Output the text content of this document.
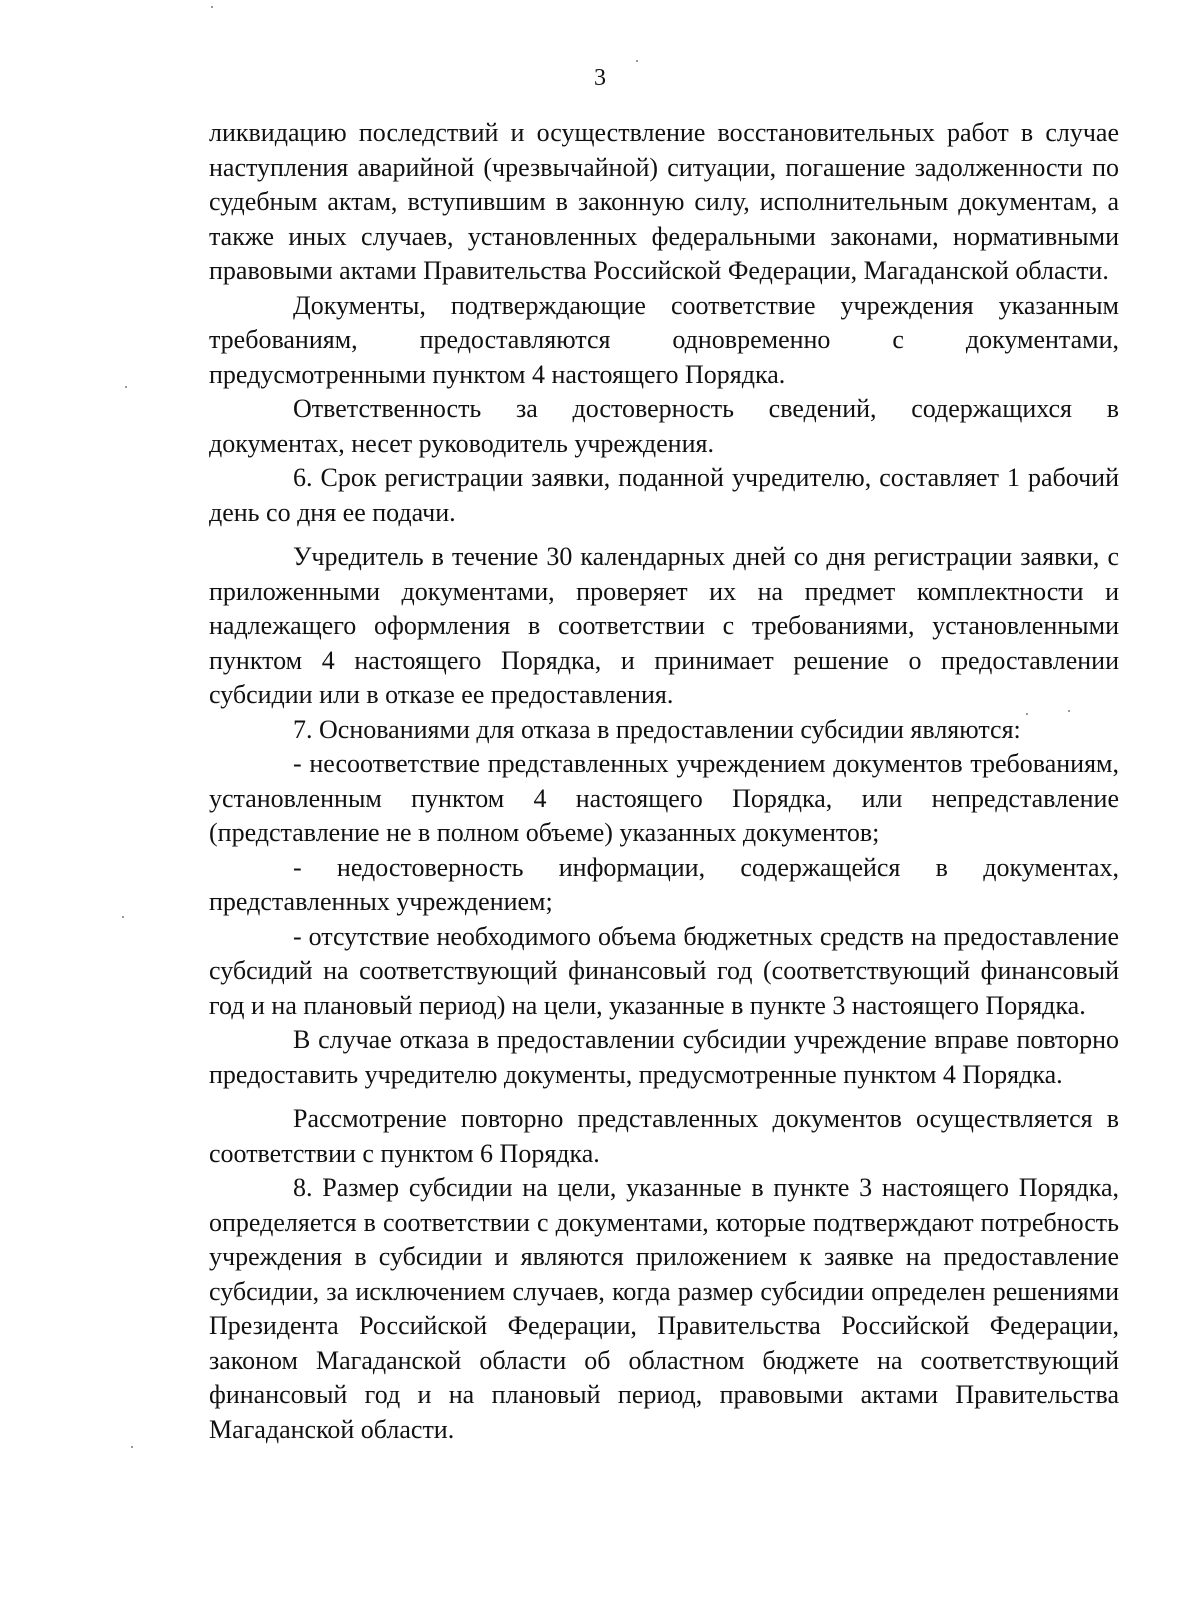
3

ликвидацию последствий и осуществление восстановительных работ в случае наступления аварийной (чрезвычайной) ситуации, погашение задолженности по судебным актам, вступившим в законную силу, исполнительным документам, а также иных случаев, установленных федеральными законами, нормативными правовыми актами Правительства Российской Федерации, Магаданской области.

Документы, подтверждающие соответствие учреждения указанным требованиям, предоставляются одновременно с документами, предусмотренными пунктом 4 настоящего Порядка.

Ответственность за достоверность сведений, содержащихся в документах, несет руководитель учреждения.

6. Срок регистрации заявки, поданной учредителю, составляет 1 рабочий день со дня ее подачи.

Учредитель в течение 30 календарных дней со дня регистрации заявки, с приложенными документами, проверяет их на предмет комплектности и надлежащего оформления в соответствии с требованиями, установленными пунктом 4 настоящего Порядка, и принимает решение о предоставлении субсидии или в отказе ее предоставления.

7. Основаниями для отказа в предоставлении субсидии являются:

- несоответствие представленных учреждением документов требованиям, установленным пунктом 4 настоящего Порядка, или непредставление (представление не в полном объеме) указанных документов;

- недостоверность информации, содержащейся в документах, представленных учреждением;

- отсутствие необходимого объема бюджетных средств на предоставление субсидий на соответствующий финансовый год (соответствующий финансовый год и на плановый период) на цели, указанные в пункте 3 настоящего Порядка.

В случае отказа в предоставлении субсидии учреждение вправе повторно предоставить учредителю документы, предусмотренные пунктом 4 Порядка.

Рассмотрение повторно представленных документов осуществляется в соответствии с пунктом 6 Порядка.

8. Размер субсидии на цели, указанные в пункте 3 настоящего Порядка, определяется в соответствии с документами, которые подтверждают потребность учреждения в субсидии и являются приложением к заявке на предоставление субсидии, за исключением случаев, когда размер субсидии определен решениями Президента Российской Федерации, Правительства Российской Федерации, законом Магаданской области об областном бюджете на соответствующий финансовый год и на плановый период, правовыми актами Правительства Магаданской области.
